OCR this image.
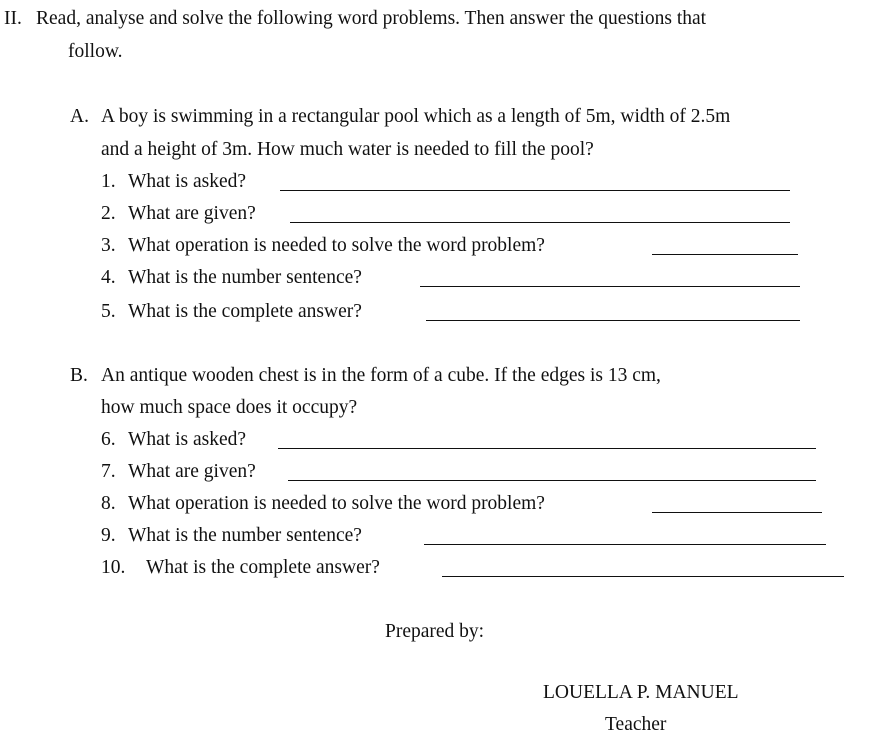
II. Read, analyse and solve the following word problems. Then answer the questions that
follow.
A. A boy is swimming in a rectangular pool which as a length of 5m, width of 2.5m
and a height of 3m. How much water is needed to fill the pool?
1. What is asked?
2. What are given?
3. What operation is needed to solve the word problem?
4. What is the number sentence?
5. What is the complete answer?
B. An antique wooden chest is in the form of a cube. If the edges is 13 cm,
how much space does it occupy?
6. What is asked?
7. What are given?
8. What operation is needed to solve the word problem?
9. What is the number sentence?
10. What is the complete answer?
Prepared by:
LOUELLA P. MANUEL
Teacher
